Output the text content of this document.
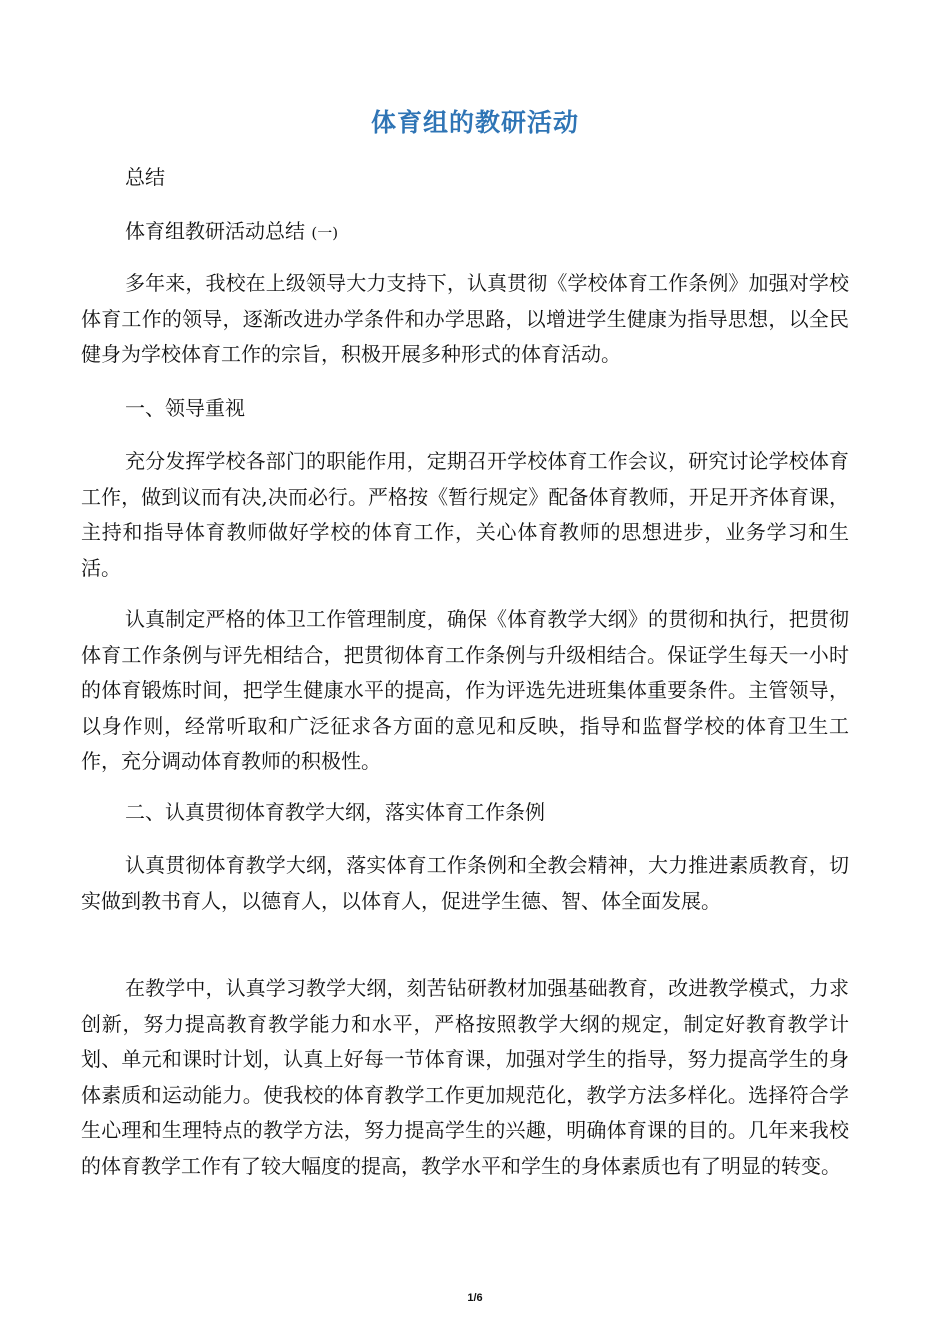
体育组的教研活动

总结

体育组教研活动总结 (一)

多年来，我校在上级领导大力支持下，认真贯彻《学校体育工作条例》加强对学校体育工作的领导，逐渐改进办学条件和办学思路，以增进学生健康为指导思想，以全民健身为学校体育工作的宗旨，积极开展多种形式的体育活动。

一、领导重视

充分发挥学校各部门的职能作用，定期召开学校体育工作会议，研究讨论学校体育工作，做到议而有决,决而必行。严格按《暂行规定》配备体育教师，开足开齐体育课，主持和指导体育教师做好学校的体育工作，关心体育教师的思想进步，业务学习和生活。

认真制定严格的体卫工作管理制度，确保《体育教学大纲》的贯彻和执行，把贯彻体育工作条例与评先相结合，把贯彻体育工作条例与升级相结合。保证学生每天一小时的体育锻炼时间，把学生健康水平的提高，作为评选先进班集体重要条件。主管领导，以身作则，经常听取和广泛征求各方面的意见和反映，指导和监督学校的体育卫生工作，充分调动体育教师的积极性。

二、认真贯彻体育教学大纲，落实体育工作条例

认真贯彻体育教学大纲，落实体育工作条例和全教会精神，大力推进素质教育，切实做到教书育人，以德育人，以体育人，促进学生德、智、体全面发展。

在教学中，认真学习教学大纲，刻苦钻研教材加强基础教育，改进教学模式，力求创新，努力提高教育教学能力和水平，严格按照教学大纲的规定，制定好教育教学计划、单元和课时计划，认真上好每一节体育课，加强对学生的指导，努力提高学生的身体素质和运动能力。使我校的体育教学工作更加规范化，教学方法多样化。选择符合学生心理和生理特点的教学方法，努力提高学生的兴趣，明确体育课的目的。几年来我校的体育教学工作有了较大幅度的提高，教学水平和学生的身体素质也有了明显的转变。

1/6
